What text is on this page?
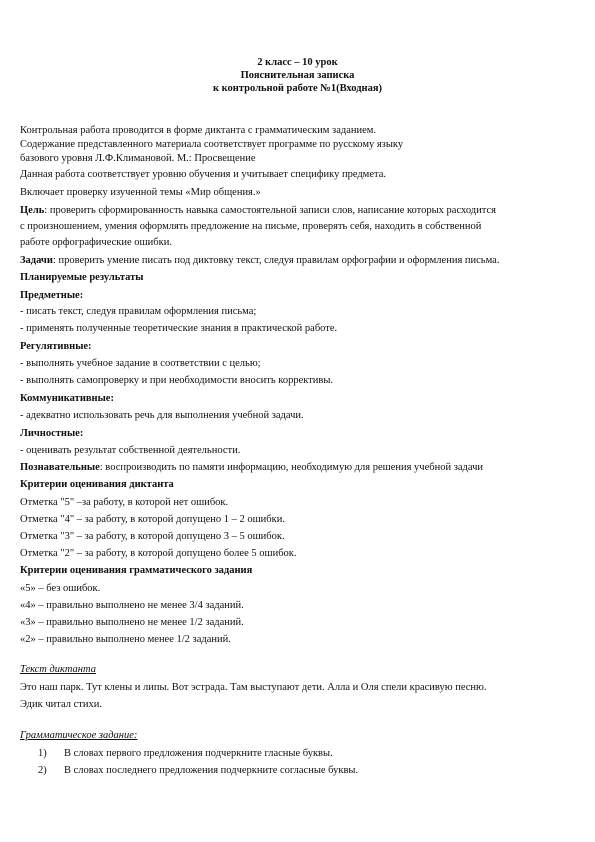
2 класс – 10 урок
Пояснительная записка
к контрольной работе №1(Входная)
Контрольная работа проводится в форме диктанта с грамматическим заданием.
Содержание представленного материала соответствует программе по русскому языку
базового уровня Л.Ф.Климановой. М.: Просвещение
Данная работа соответствует уровню обучения и учитывает специфику предмета.
Включает проверку изученной темы «Мир общения.»
Цель: проверить сформированность навыка самостоятельной записи слов, написание которых расходится
с произношением, умения оформлять предложение на письме, проверять себя, находить в собственной
работе орфографические ошибки.
Задачи: проверить умение писать под диктовку текст, следуя правилам орфографии и оформления письма.
Планируемые результаты
Предметные:
- писать текст, следуя правилам оформления письма;
- применять полученные теоретические знания в практической работе.
Регулятивные:
- выполнять учебное задание в соответствии с целью;
- выполнять самопроверку и при необходимости вносить коррективы.
Коммуникативные:
- адекватно использовать речь для выполнения учебной задачи.
Личностные:
- оценивать результат собственной деятельности.
Познавательные: воспроизводить по памяти информацию, необходимую для решения учебной задачи
Критерии оценивания диктанта
Отметка "5" –за работу, в которой нет ошибок.
Отметка "4" – за работу, в которой допущено 1 – 2 ошибки.
Отметка "3" – за работу, в которой допущено 3 – 5 ошибок.
Отметка "2" – за работу, в которой допущено более 5 ошибок.
Критерии оценивания грамматического задания
«5» – без ошибок.
«4» – правильно выполнено не менее 3/4 заданий.
«3» – правильно выполнено не менее 1/2 заданий.
«2» – правильно выполнено менее 1/2 заданий.
Текст диктанта
Это наш парк. Тут клены и липы. Вот эстрада. Там выступают дети. Алла и Оля спели красивую песню.
Эдик читал стихи.
Грамматическое задание:
1) В словах первого предложения подчеркните гласные буквы.
2) В словах последнего предложения подчеркните согласные буквы.
